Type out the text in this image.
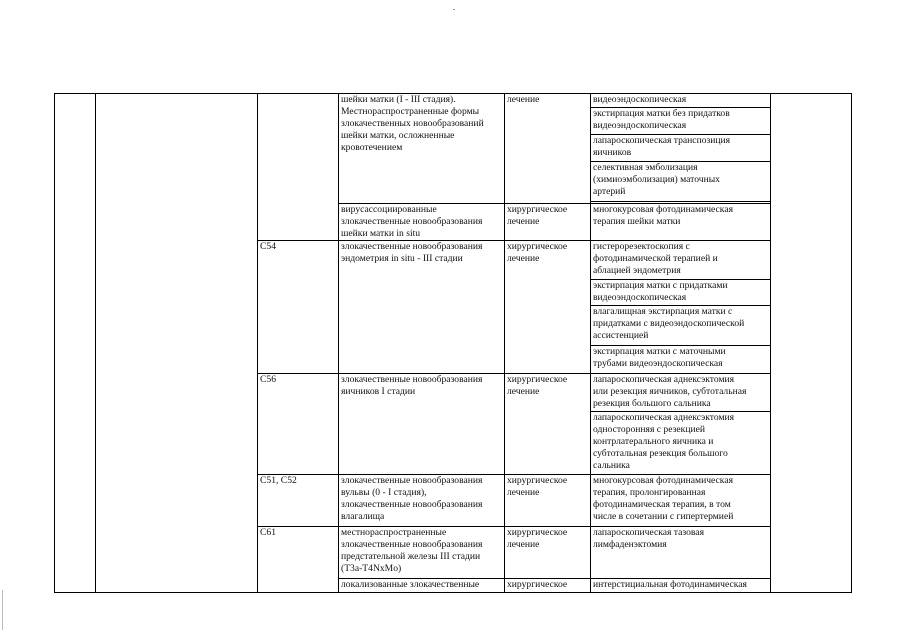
			шейки матки (I - III стадия).
Местнораспространенные формы
злокачественных новообразований
шейки матки, осложненные
кровотечением	лечение	видеоэндоскопическая	

					экстирпация матки без придатков
видеоэндоскопическая	

					лапароскопическая транспозиция
яичников	

					селективная эмболизация
(химиоэмболизация) маточных
артерий	

			вирусассоциированные
злокачественные новообразования
шейки матки in situ	хирургическое
лечение	многокурсовая фотодинамическая
терапия шейки матки	

		C54	злокачественные новообразования
эндометрия in situ - III стадии	хирургическое
лечение	гистерорезектоскопия с
фотодинамической терапией и
аблацией эндометрия	

					экстирпация матки с придатками
видеоэндоскопическая	

					влагалищная экстирпация матки с
придатками с видеоэндоскопической
ассистенцией	

					экстирпация матки с маточными
трубами видеоэндоскопическая	

		C56	злокачественные новообразования
яичников I стадии	хирургическое
лечение	лапароскопическая аднексэктомия
или резекция яичников, субтотальная
резекция большого сальника	

					лапароскопическая аднексэктомия
односторонняя с резекцией
контрлатерального яичника и
субтотальная резекция большого
сальника	

		C51, C52	злокачественные новообразования
вульвы (0 - I стадия),
злокачественные новообразования
влагалища	хирургическое
лечение	многокурсовая фотодинамическая
терапия, пролонгированная
фотодинамическая терапия, в том
числе в сочетании с гипертермией	

		C61	местнораспространенные
злокачественные новообразования
предстательной железы III стадии
(T3a-T4NxMo)	хирургическое
лечение	лапароскопическая тазовая
лимфаденэктомия	

			локализованные злокачественные	хирургическое	интерстициальная фотодинамическая	
